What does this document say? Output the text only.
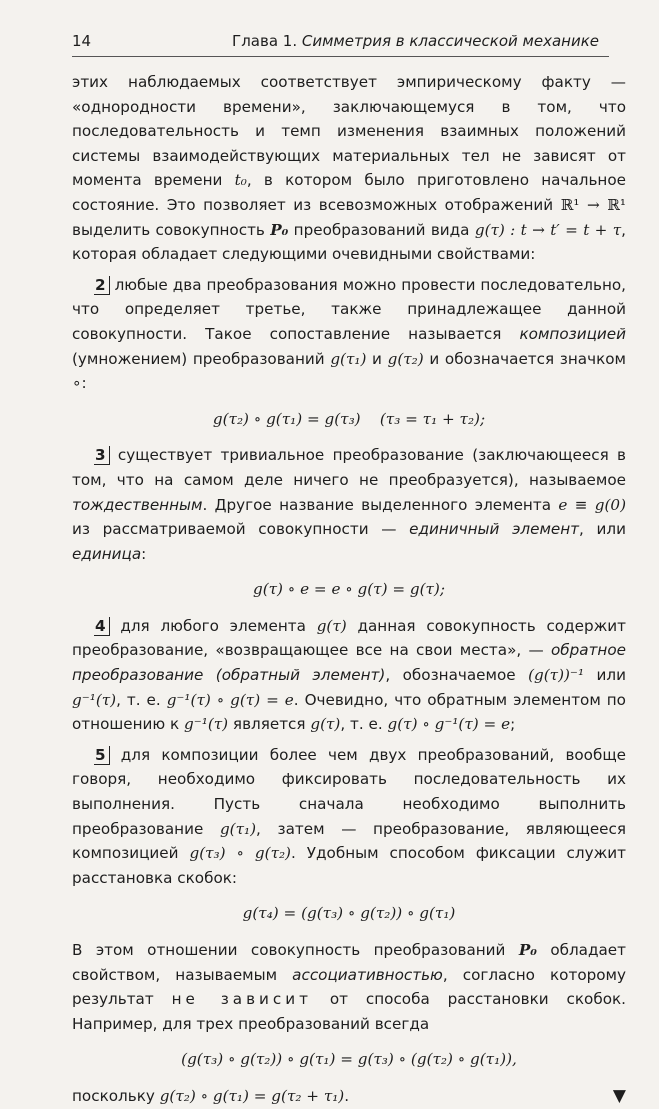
14	Глава 1. Симметрия в классической механике

этих наблюдаемых соответствует эмпирическому факту — «однородности времени», заключающемуся в том, что последовательность и темп изменения взаимных положений системы взаимодействующих материальных тел не зависят от момента времени t₀, в котором было приготовлено начальное состояние. Это позволяет из всевозможных отображений ℝ¹ → ℝ¹ выделить совокупность P₀ преобразований вида g(τ) : t → t′ = t + τ, которая обладает следующими очевидными свойствами:

2 любые два преобразования можно провести последовательно, что определяет третье, также принадлежащее данной совокупности. Такое сопоставление называется композицией (умножением) преобразований g(τ₁) и g(τ₂) и обозначается значком ∘:

g(τ₂) ∘ g(τ₁) = g(τ₃)    (τ₃ = τ₁ + τ₂);

3 существует тривиальное преобразование (заключающееся в том, что на самом деле ничего не преобразуется), называемое тождественным. Другое название выделенного элемента e ≡ g(0) из рассматриваемой совокупности — единичный элемент, или единица:

g(τ) ∘ e = e ∘ g(τ) = g(τ);

4 для любого элемента g(τ) данная совокупность содержит преобразование, «возвращающее все на свои места», — обратное преобразование (обратный элемент), обозначаемое (g(τ))⁻¹ или g⁻¹(τ), т. е. g⁻¹(τ) ∘ g(τ) = e. Очевидно, что обратным элементом по отношению к g⁻¹(τ) является g(τ), т. е. g(τ) ∘ g⁻¹(τ) = e;

5 для композиции более чем двух преобразований, вообще говоря, необходимо фиксировать последовательность их выполнения. Пусть сначала необходимо выполнить преобразование g(τ₁), затем — преобразование, являющееся композицией g(τ₃) ∘ g(τ₂). Удобным способом фиксации служит расстановка скобок:

g(τ₄) = (g(τ₃) ∘ g(τ₂)) ∘ g(τ₁)

В этом отношении совокупность преобразований P₀ обладает свойством, называемым ассоциативностью, согласно которому результат не зависит от способа расстановки скобок. Например, для трех преобразований всегда

(g(τ₃) ∘ g(τ₂)) ∘ g(τ₁) = g(τ₃) ∘ (g(τ₂) ∘ g(τ₁)),

поскольку g(τ₂) ∘ g(τ₁) = g(τ₂ + τ₁).	▼
